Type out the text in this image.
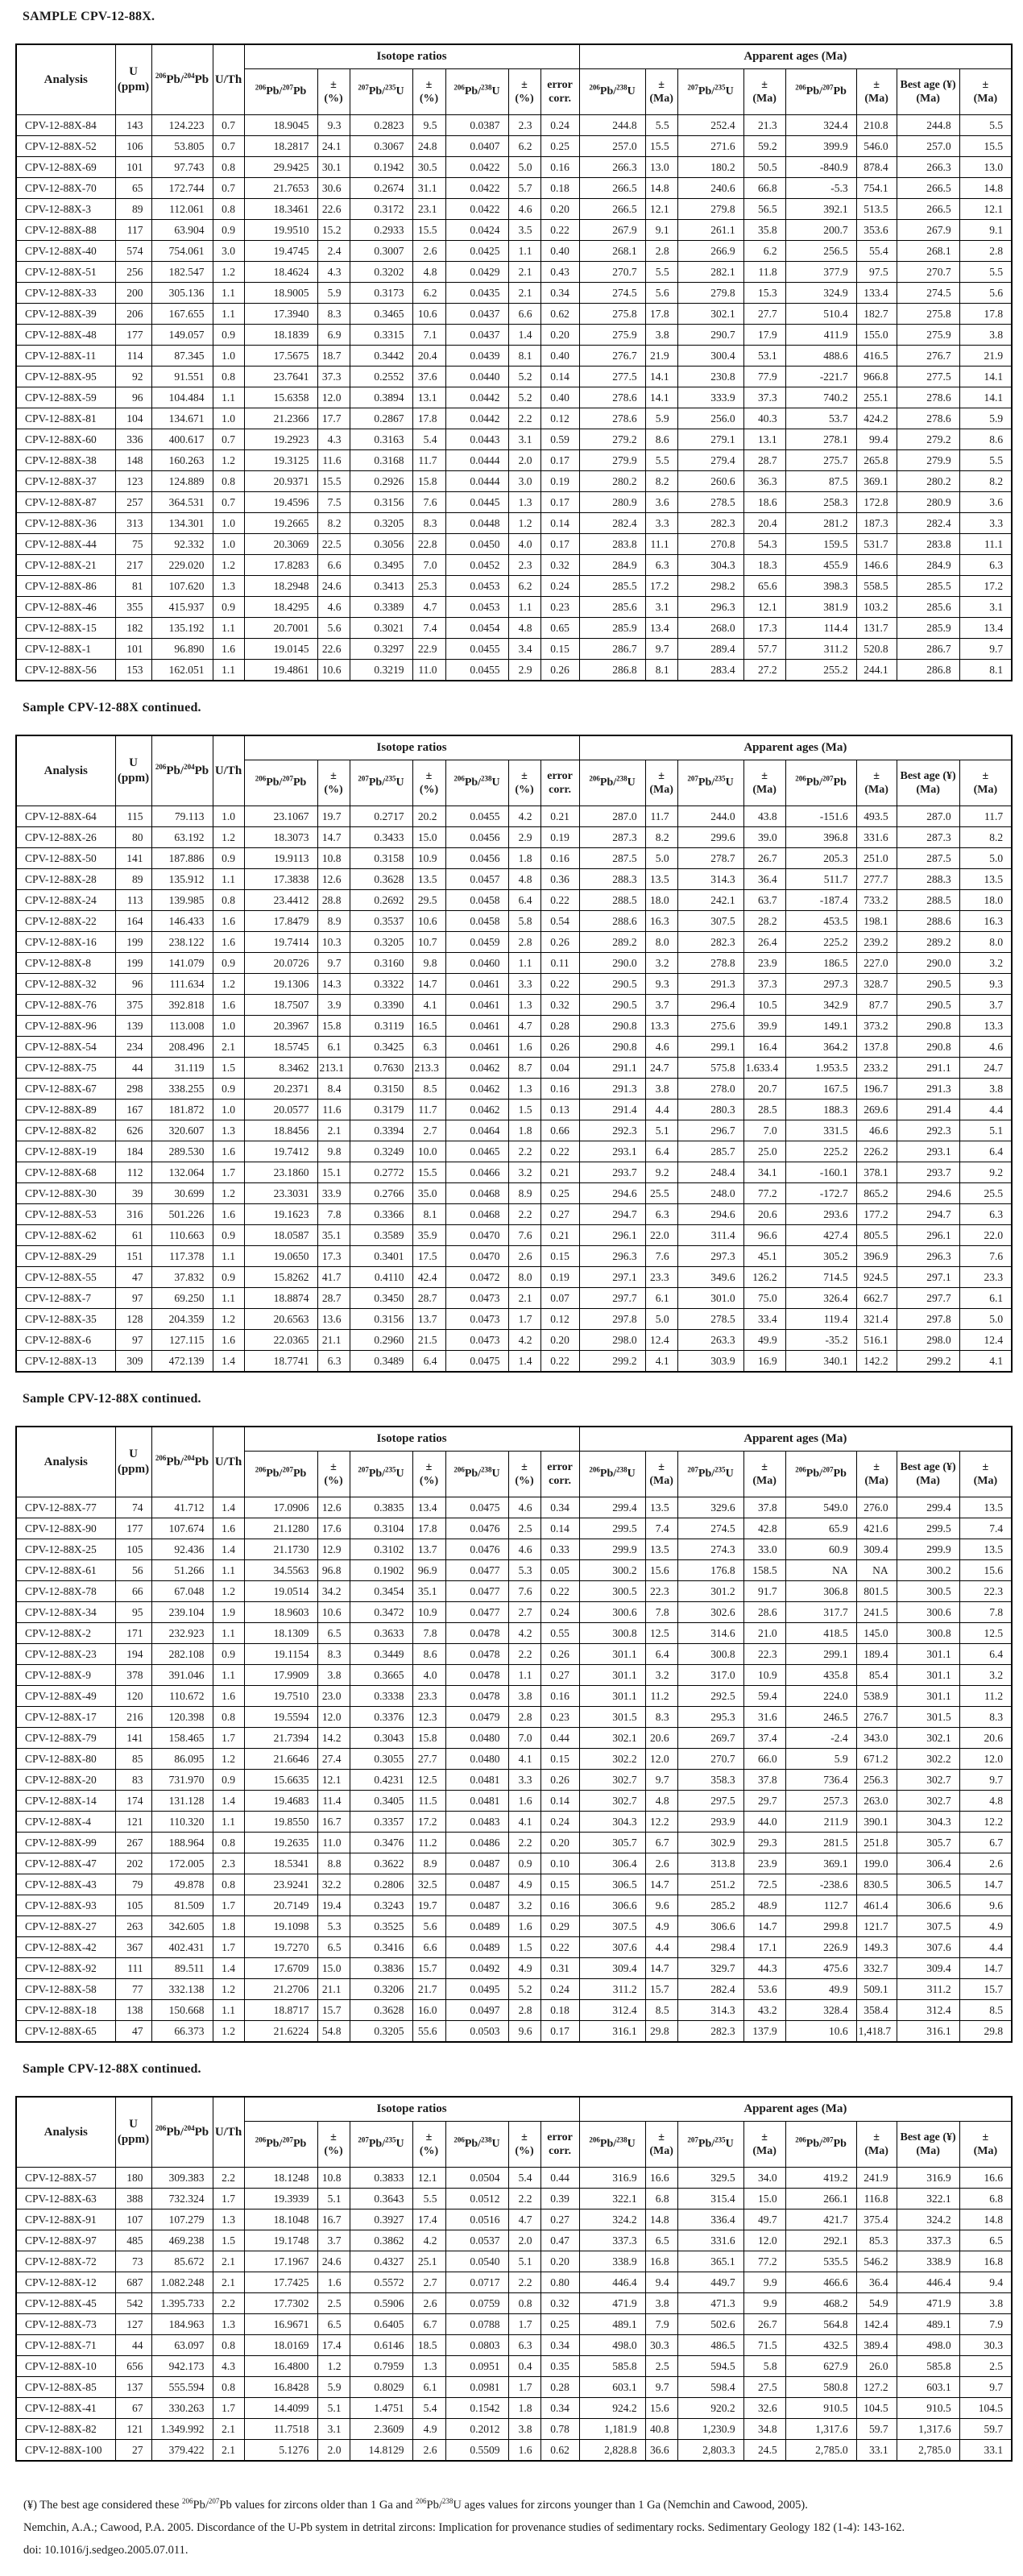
SAMPLE CPV-12-88X.
Analysis	U
(ppm)	$^{206}$Pb/$^{204}$Pb	U/Th	Isotope ratios							Apparent ages (Ma)							
				$^{206}$Pb/$^{207}$Pb	±
(%)	$^{207}$Pb/$^{235}$U	±
(%)	$^{206}$Pb/$^{238}$U	±
(%)	error
corr.	$^{206}$Pb/$^{238}$U	±
(Ma)	$^{207}$Pb/$^{235}$U	±
(Ma)	$^{206}$Pb/$^{207}$Pb	±
(Ma)	Best age (¥)
(Ma)	±
(Ma)

CPV-12-88X-84	143	124.223	0.7	18.9045	9.3	0.2823	9.5	0.0387	2.3	0.24	244.8	5.5	252.4	21.3	324.4	210.8	244.8	5.5
CPV-12-88X-52	106	53.805	0.7	18.2817	24.1	0.3067	24.8	0.0407	6.2	0.25	257.0	15.5	271.6	59.2	399.9	546.0	257.0	15.5
CPV-12-88X-69	101	97.743	0.8	29.9425	30.1	0.1942	30.5	0.0422	5.0	0.16	266.3	13.0	180.2	50.5	-840.9	878.4	266.3	13.0
CPV-12-88X-70	65	172.744	0.7	21.7653	30.6	0.2674	31.1	0.0422	5.7	0.18	266.5	14.8	240.6	66.8	-5.3	754.1	266.5	14.8
CPV-12-88X-3	89	112.061	0.8	18.3461	22.6	0.3172	23.1	0.0422	4.6	0.20	266.5	12.1	279.8	56.5	392.1	513.5	266.5	12.1
CPV-12-88X-88	117	63.904	0.9	19.9510	15.2	0.2933	15.5	0.0424	3.5	0.22	267.9	9.1	261.1	35.8	200.7	353.6	267.9	9.1
CPV-12-88X-40	574	754.061	3.0	19.4745	2.4	0.3007	2.6	0.0425	1.1	0.40	268.1	2.8	266.9	6.2	256.5	55.4	268.1	2.8
CPV-12-88X-51	256	182.547	1.2	18.4624	4.3	0.3202	4.8	0.0429	2.1	0.43	270.7	5.5	282.1	11.8	377.9	97.5	270.7	5.5
CPV-12-88X-33	200	305.136	1.1	18.9005	5.9	0.3173	6.2	0.0435	2.1	0.34	274.5	5.6	279.8	15.3	324.9	133.4	274.5	5.6
CPV-12-88X-39	206	167.655	1.1	17.3940	8.3	0.3465	10.6	0.0437	6.6	0.62	275.8	17.8	302.1	27.7	510.4	182.7	275.8	17.8
CPV-12-88X-48	177	149.057	0.9	18.1839	6.9	0.3315	7.1	0.0437	1.4	0.20	275.9	3.8	290.7	17.9	411.9	155.0	275.9	3.8
CPV-12-88X-11	114	87.345	1.0	17.5675	18.7	0.3442	20.4	0.0439	8.1	0.40	276.7	21.9	300.4	53.1	488.6	416.5	276.7	21.9
CPV-12-88X-95	92	91.551	0.8	23.7641	37.3	0.2552	37.6	0.0440	5.2	0.14	277.5	14.1	230.8	77.9	-221.7	966.8	277.5	14.1
CPV-12-88X-59	96	104.484	1.1	15.6358	12.0	0.3894	13.1	0.0442	5.2	0.40	278.6	14.1	333.9	37.3	740.2	255.1	278.6	14.1
CPV-12-88X-81	104	134.671	1.0	21.2366	17.7	0.2867	17.8	0.0442	2.2	0.12	278.6	5.9	256.0	40.3	53.7	424.2	278.6	5.9
CPV-12-88X-60	336	400.617	0.7	19.2923	4.3	0.3163	5.4	0.0443	3.1	0.59	279.2	8.6	279.1	13.1	278.1	99.4	279.2	8.6
CPV-12-88X-38	148	160.263	1.2	19.3125	11.6	0.3168	11.7	0.0444	2.0	0.17	279.9	5.5	279.4	28.7	275.7	265.8	279.9	5.5
CPV-12-88X-37	123	124.889	0.8	20.9371	15.5	0.2926	15.8	0.0444	3.0	0.19	280.2	8.2	260.6	36.3	87.5	369.1	280.2	8.2
CPV-12-88X-87	257	364.531	0.7	19.4596	7.5	0.3156	7.6	0.0445	1.3	0.17	280.9	3.6	278.5	18.6	258.3	172.8	280.9	3.6
CPV-12-88X-36	313	134.301	1.0	19.2665	8.2	0.3205	8.3	0.0448	1.2	0.14	282.4	3.3	282.3	20.4	281.2	187.3	282.4	3.3
CPV-12-88X-44	75	92.332	1.0	20.3069	22.5	0.3056	22.8	0.0450	4.0	0.17	283.8	11.1	270.8	54.3	159.5	531.7	283.8	11.1
CPV-12-88X-21	217	229.020	1.2	17.8283	6.6	0.3495	7.0	0.0452	2.3	0.32	284.9	6.3	304.3	18.3	455.9	146.6	284.9	6.3
CPV-12-88X-86	81	107.620	1.3	18.2948	24.6	0.3413	25.3	0.0453	6.2	0.24	285.5	17.2	298.2	65.6	398.3	558.5	285.5	17.2
CPV-12-88X-46	355	415.937	0.9	18.4295	4.6	0.3389	4.7	0.0453	1.1	0.23	285.6	3.1	296.3	12.1	381.9	103.2	285.6	3.1
CPV-12-88X-15	182	135.192	1.1	20.7001	5.6	0.3021	7.4	0.0454	4.8	0.65	285.9	13.4	268.0	17.3	114.4	131.7	285.9	13.4
CPV-12-88X-1	101	96.890	1.6	19.0145	22.6	0.3297	22.9	0.0455	3.4	0.15	286.7	9.7	289.4	57.7	311.2	520.8	286.7	9.7
CPV-12-88X-56	153	162.051	1.1	19.4861	10.6	0.3219	11.0	0.0455	2.9	0.26	286.8	8.1	283.4	27.2	255.2	244.1	286.8	8.1
Sample CPV-12-88X continued.
Analysis	U
(ppm)	$^{206}$Pb/$^{204}$Pb	U/Th	Isotope ratios							Apparent ages (Ma)							
				$^{206}$Pb/$^{207}$Pb	±
(%)	$^{207}$Pb/$^{235}$U	±
(%)	$^{206}$Pb/$^{238}$U	±
(%)	error
corr.	$^{206}$Pb/$^{238}$U	±
(Ma)	$^{207}$Pb/$^{235}$U	±
(Ma)	$^{206}$Pb/$^{207}$Pb	±
(Ma)	Best age (¥)
(Ma)	±
(Ma)

CPV-12-88X-64	115	79.113	1.0	23.1067	19.7	0.2717	20.2	0.0455	4.2	0.21	287.0	11.7	244.0	43.8	-151.6	493.5	287.0	11.7
CPV-12-88X-26	80	63.192	1.2	18.3073	14.7	0.3433	15.0	0.0456	2.9	0.19	287.3	8.2	299.6	39.0	396.8	331.6	287.3	8.2
CPV-12-88X-50	141	187.886	0.9	19.9113	10.8	0.3158	10.9	0.0456	1.8	0.16	287.5	5.0	278.7	26.7	205.3	251.0	287.5	5.0
CPV-12-88X-28	89	135.912	1.1	17.3838	12.6	0.3628	13.5	0.0457	4.8	0.36	288.3	13.5	314.3	36.4	511.7	277.7	288.3	13.5
CPV-12-88X-24	113	139.985	0.8	23.4412	28.8	0.2692	29.5	0.0458	6.4	0.22	288.5	18.0	242.1	63.7	-187.4	733.2	288.5	18.0
CPV-12-88X-22	164	146.433	1.6	17.8479	8.9	0.3537	10.6	0.0458	5.8	0.54	288.6	16.3	307.5	28.2	453.5	198.1	288.6	16.3
CPV-12-88X-16	199	238.122	1.6	19.7414	10.3	0.3205	10.7	0.0459	2.8	0.26	289.2	8.0	282.3	26.4	225.2	239.2	289.2	8.0
CPV-12-88X-8	199	141.079	0.9	20.0726	9.7	0.3160	9.8	0.0460	1.1	0.11	290.0	3.2	278.8	23.9	186.5	227.0	290.0	3.2
CPV-12-88X-32	96	111.634	1.2	19.1306	14.3	0.3322	14.7	0.0461	3.3	0.22	290.5	9.3	291.3	37.3	297.3	328.7	290.5	9.3
CPV-12-88X-76	375	392.818	1.6	18.7507	3.9	0.3390	4.1	0.0461	1.3	0.32	290.5	3.7	296.4	10.5	342.9	87.7	290.5	3.7
CPV-12-88X-96	139	113.008	1.0	20.3967	15.8	0.3119	16.5	0.0461	4.7	0.28	290.8	13.3	275.6	39.9	149.1	373.2	290.8	13.3
CPV-12-88X-54	234	208.496	2.1	18.5745	6.1	0.3425	6.3	0.0461	1.6	0.26	290.8	4.6	299.1	16.4	364.2	137.8	290.8	4.6
CPV-12-88X-75	44	31.119	1.5	8.3462	213.1	0.7630	213.3	0.0462	8.7	0.04	291.1	24.7	575.8	1.633.4	1.953.5	233.2	291.1	24.7
CPV-12-88X-67	298	338.255	0.9	20.2371	8.4	0.3150	8.5	0.0462	1.3	0.16	291.3	3.8	278.0	20.7	167.5	196.7	291.3	3.8
CPV-12-88X-89	167	181.872	1.0	20.0577	11.6	0.3179	11.7	0.0462	1.5	0.13	291.4	4.4	280.3	28.5	188.3	269.6	291.4	4.4
CPV-12-88X-82	626	320.607	1.3	18.8456	2.1	0.3394	2.7	0.0464	1.8	0.66	292.3	5.1	296.7	7.0	331.5	46.6	292.3	5.1
CPV-12-88X-19	184	289.530	1.6	19.7412	9.8	0.3249	10.0	0.0465	2.2	0.22	293.1	6.4	285.7	25.0	225.2	226.2	293.1	6.4
CPV-12-88X-68	112	132.064	1.7	23.1860	15.1	0.2772	15.5	0.0466	3.2	0.21	293.7	9.2	248.4	34.1	-160.1	378.1	293.7	9.2
CPV-12-88X-30	39	30.699	1.2	23.3031	33.9	0.2766	35.0	0.0468	8.9	0.25	294.6	25.5	248.0	77.2	-172.7	865.2	294.6	25.5
CPV-12-88X-53	316	501.226	1.6	19.1623	7.8	0.3366	8.1	0.0468	2.2	0.27	294.7	6.3	294.6	20.6	293.6	177.2	294.7	6.3
CPV-12-88X-62	61	110.663	0.9	18.0587	35.1	0.3589	35.9	0.0470	7.6	0.21	296.1	22.0	311.4	96.6	427.4	805.5	296.1	22.0
CPV-12-88X-29	151	117.378	1.1	19.0650	17.3	0.3401	17.5	0.0470	2.6	0.15	296.3	7.6	297.3	45.1	305.2	396.9	296.3	7.6
CPV-12-88X-55	47	37.832	0.9	15.8262	41.7	0.4110	42.4	0.0472	8.0	0.19	297.1	23.3	349.6	126.2	714.5	924.5	297.1	23.3
CPV-12-88X-7	97	69.250	1.1	18.8874	28.7	0.3450	28.7	0.0473	2.1	0.07	297.7	6.1	301.0	75.0	326.4	662.7	297.7	6.1
CPV-12-88X-35	128	204.359	1.2	20.6563	13.6	0.3156	13.7	0.0473	1.7	0.12	297.8	5.0	278.5	33.4	119.4	321.4	297.8	5.0
CPV-12-88X-6	97	127.115	1.6	22.0365	21.1	0.2960	21.5	0.0473	4.2	0.20	298.0	12.4	263.3	49.9	-35.2	516.1	298.0	12.4
CPV-12-88X-13	309	472.139	1.4	18.7741	6.3	0.3489	6.4	0.0475	1.4	0.22	299.2	4.1	303.9	16.9	340.1	142.2	299.2	4.1
Sample CPV-12-88X continued.
Analysis	U
(ppm)	$^{206}$Pb/$^{204}$Pb	U/Th	Isotope ratios							Apparent ages (Ma)							
				$^{206}$Pb/$^{207}$Pb	±
(%)	$^{207}$Pb/$^{235}$U	±
(%)	$^{206}$Pb/$^{238}$U	±
(%)	error
corr.	$^{206}$Pb/$^{238}$U	±
(Ma)	$^{207}$Pb/$^{235}$U	±
(Ma)	$^{206}$Pb/$^{207}$Pb	±
(Ma)	Best age (¥)
(Ma)	±
(Ma)

CPV-12-88X-77	74	41.712	1.4	17.0906	12.6	0.3835	13.4	0.0475	4.6	0.34	299.4	13.5	329.6	37.8	549.0	276.0	299.4	13.5
CPV-12-88X-90	177	107.674	1.6	21.1280	17.6	0.3104	17.8	0.0476	2.5	0.14	299.5	7.4	274.5	42.8	65.9	421.6	299.5	7.4
CPV-12-88X-25	105	92.436	1.4	21.1730	12.9	0.3102	13.7	0.0476	4.6	0.33	299.9	13.5	274.3	33.0	60.9	309.4	299.9	13.5
CPV-12-88X-61	56	51.266	1.1	34.5563	96.8	0.1902	96.9	0.0477	5.3	0.05	300.2	15.6	176.8	158.5	NA	NA	300.2	15.6
CPV-12-88X-78	66	67.048	1.2	19.0514	34.2	0.3454	35.1	0.0477	7.6	0.22	300.5	22.3	301.2	91.7	306.8	801.5	300.5	22.3
CPV-12-88X-34	95	239.104	1.9	18.9603	10.6	0.3472	10.9	0.0477	2.7	0.24	300.6	7.8	302.6	28.6	317.7	241.5	300.6	7.8
CPV-12-88X-2	171	232.923	1.1	18.1309	6.5	0.3633	7.8	0.0478	4.2	0.55	300.8	12.5	314.6	21.0	418.5	145.0	300.8	12.5
CPV-12-88X-23	194	282.108	0.9	19.1154	8.3	0.3449	8.6	0.0478	2.2	0.26	301.1	6.4	300.8	22.3	299.1	189.4	301.1	6.4
CPV-12-88X-9	378	391.046	1.1	17.9909	3.8	0.3665	4.0	0.0478	1.1	0.27	301.1	3.2	317.0	10.9	435.8	85.4	301.1	3.2
CPV-12-88X-49	120	110.672	1.6	19.7510	23.0	0.3338	23.3	0.0478	3.8	0.16	301.1	11.2	292.5	59.4	224.0	538.9	301.1	11.2
CPV-12-88X-17	216	120.398	0.8	19.5594	12.0	0.3376	12.3	0.0479	2.8	0.23	301.5	8.3	295.3	31.6	246.5	276.7	301.5	8.3
CPV-12-88X-79	141	158.465	1.7	21.7394	14.2	0.3043	15.8	0.0480	7.0	0.44	302.1	20.6	269.7	37.4	-2.4	343.0	302.1	20.6
CPV-12-88X-80	85	86.095	1.2	21.6646	27.4	0.3055	27.7	0.0480	4.1	0.15	302.2	12.0	270.7	66.0	5.9	671.2	302.2	12.0
CPV-12-88X-20	83	731.970	0.9	15.6635	12.1	0.4231	12.5	0.0481	3.3	0.26	302.7	9.7	358.3	37.8	736.4	256.3	302.7	9.7
CPV-12-88X-14	174	131.128	1.4	19.4683	11.4	0.3405	11.5	0.0481	1.6	0.14	302.7	4.8	297.5	29.7	257.3	263.0	302.7	4.8
CPV-12-88X-4	121	110.320	1.1	19.8550	16.7	0.3357	17.2	0.0483	4.1	0.24	304.3	12.2	293.9	44.0	211.9	390.1	304.3	12.2
CPV-12-88X-99	267	188.964	0.8	19.2635	11.0	0.3476	11.2	0.0486	2.2	0.20	305.7	6.7	302.9	29.3	281.5	251.8	305.7	6.7
CPV-12-88X-47	202	172.005	2.3	18.5341	8.8	0.3622	8.9	0.0487	0.9	0.10	306.4	2.6	313.8	23.9	369.1	199.0	306.4	2.6
CPV-12-88X-43	79	49.878	0.8	23.9241	32.2	0.2806	32.5	0.0487	4.9	0.15	306.5	14.7	251.2	72.5	-238.6	830.5	306.5	14.7
CPV-12-88X-93	105	81.509	1.7	20.7149	19.4	0.3243	19.7	0.0487	3.2	0.16	306.6	9.6	285.2	48.9	112.7	461.4	306.6	9.6
CPV-12-88X-27	263	342.605	1.8	19.1098	5.3	0.3525	5.6	0.0489	1.6	0.29	307.5	4.9	306.6	14.7	299.8	121.7	307.5	4.9
CPV-12-88X-42	367	402.431	1.7	19.7270	6.5	0.3416	6.6	0.0489	1.5	0.22	307.6	4.4	298.4	17.1	226.9	149.3	307.6	4.4
CPV-12-88X-92	111	89.511	1.4	17.6709	15.0	0.3836	15.7	0.0492	4.9	0.31	309.4	14.7	329.7	44.3	475.6	332.7	309.4	14.7
CPV-12-88X-58	77	332.138	1.2	21.2706	21.1	0.3206	21.7	0.0495	5.2	0.24	311.2	15.7	282.4	53.6	49.9	509.1	311.2	15.7
CPV-12-88X-18	138	150.668	1.1	18.8717	15.7	0.3628	16.0	0.0497	2.8	0.18	312.4	8.5	314.3	43.2	328.4	358.4	312.4	8.5
CPV-12-88X-65	47	66.373	1.2	21.6224	54.8	0.3205	55.6	0.0503	9.6	0.17	316.1	29.8	282.3	137.9	10.6	1,418.7	316.1	29.8
Sample CPV-12-88X continued.
Analysis	U
(ppm)	$^{206}$Pb/$^{204}$Pb	U/Th	Isotope ratios							Apparent ages (Ma)							
				$^{206}$Pb/$^{207}$Pb	±
(%)	$^{207}$Pb/$^{235}$U	±
(%)	$^{206}$Pb/$^{238}$U	±
(%)	error
corr.	$^{206}$Pb/$^{238}$U	±
(Ma)	$^{207}$Pb/$^{235}$U	±
(Ma)	$^{206}$Pb/$^{207}$Pb	±
(Ma)	Best age (¥)
(Ma)	±
(Ma)

CPV-12-88X-57	180	309.383	2.2	18.1248	10.8	0.3833	12.1	0.0504	5.4	0.44	316.9	16.6	329.5	34.0	419.2	241.9	316.9	16.6
CPV-12-88X-63	388	732.324	1.7	19.3939	5.1	0.3643	5.5	0.0512	2.2	0.39	322.1	6.8	315.4	15.0	266.1	116.8	322.1	6.8
CPV-12-88X-91	107	107.279	1.3	18.1048	16.7	0.3927	17.4	0.0516	4.7	0.27	324.2	14.8	336.4	49.7	421.7	375.4	324.2	14.8
CPV-12-88X-97	485	469.238	1.5	19.1748	3.7	0.3862	4.2	0.0537	2.0	0.47	337.3	6.5	331.6	12.0	292.1	85.3	337.3	6.5
CPV-12-88X-72	73	85.672	2.1	17.1967	24.6	0.4327	25.1	0.0540	5.1	0.20	338.9	16.8	365.1	77.2	535.5	546.2	338.9	16.8
CPV-12-88X-12	687	1.082.248	2.1	17.7425	1.6	0.5572	2.7	0.0717	2.2	0.80	446.4	9.4	449.7	9.9	466.6	36.4	446.4	9.4
CPV-12-88X-45	542	1.395.733	2.2	17.7302	2.5	0.5906	2.6	0.0759	0.8	0.32	471.9	3.8	471.3	9.9	468.2	54.9	471.9	3.8
CPV-12-88X-73	127	184.963	1.3	16.9671	6.5	0.6405	6.7	0.0788	1.7	0.25	489.1	7.9	502.6	26.7	564.8	142.4	489.1	7.9
CPV-12-88X-71	44	63.097	0.8	18.0169	17.4	0.6146	18.5	0.0803	6.3	0.34	498.0	30.3	486.5	71.5	432.5	389.4	498.0	30.3
CPV-12-88X-10	656	942.173	4.3	16.4800	1.2	0.7959	1.3	0.0951	0.4	0.35	585.8	2.5	594.5	5.8	627.9	26.0	585.8	2.5
CPV-12-88X-85	137	555.594	0.8	16.8428	5.9	0.8029	6.1	0.0981	1.7	0.28	603.1	9.7	598.4	27.5	580.8	127.2	603.1	9.7
CPV-12-88X-41	67	330.263	1.7	14.4099	5.1	1.4751	5.4	0.1542	1.8	0.34	924.2	15.6	920.2	32.6	910.5	104.5	910.5	104.5
CPV-12-88X-82	121	1.349.992	2.1	11.7518	3.1	2.3609	4.9	0.2012	3.8	0.78	1,181.9	40.8	1,230.9	34.8	1,317.6	59.7	1,317.6	59.7
CPV-12-88X-100	27	379.422	2.1	5.1276	2.0	14.8129	2.6	0.5509	1.6	0.62	2,828.8	36.6	2,803.3	24.5	2,785.0	33.1	2,785.0	33.1

(¥) The best age considered these $^{206}$Pb/$^{207}$Pb values for zircons older than 1 Ga and $^{206}$Pb/$^{238}$U ages values for zircons younger than 1 Ga (Nemchin and Cawood, 2005).

Nemchin, A.A.; Cawood, P.A. 2005. Discordance of the U-Pb system in detrital zircons: Implication for provenance studies of sedimentary rocks. Sedimentary Geology 182 (1-4): 143-162.

doi: 10.1016/j.sedgeo.2005.07.011.
